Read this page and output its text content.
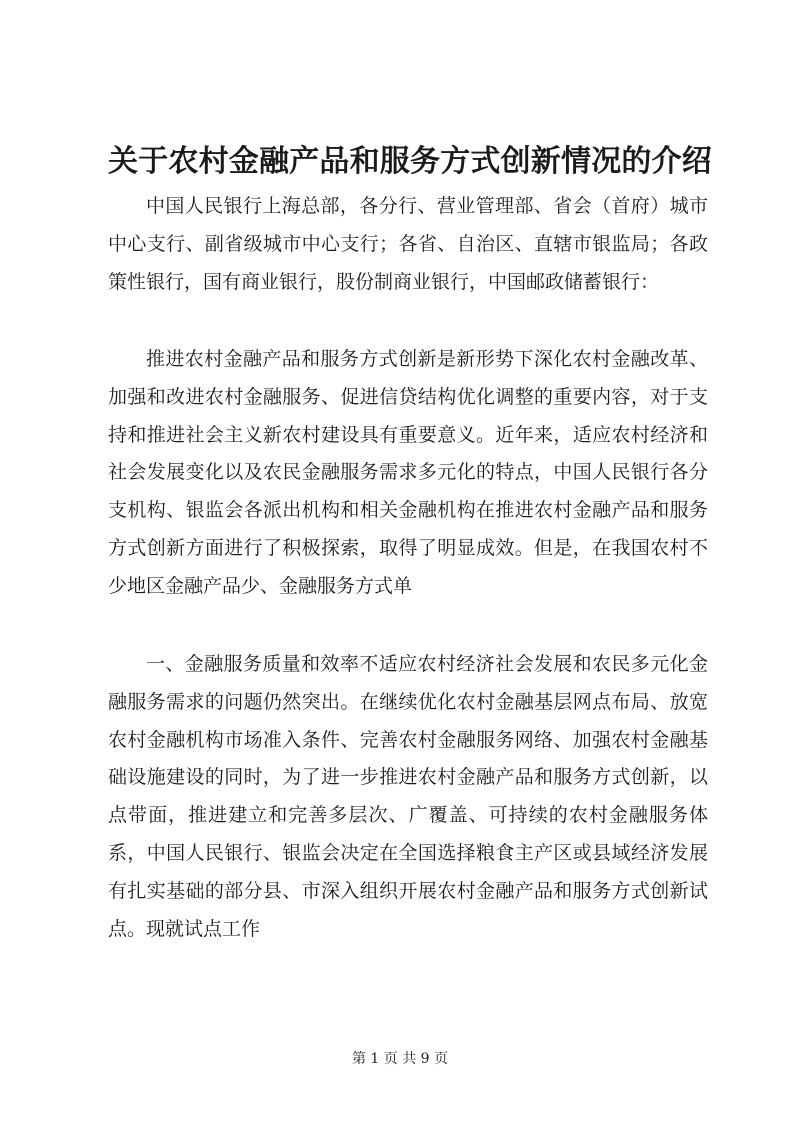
关于农村金融产品和服务方式创新情况的介绍

中国人民银行上海总部，各分行、营业管理部、省会（首府）城市中心支行、副省级城市中心支行；各省、自治区、直辖市银监局；各政策性银行，国有商业银行，股份制商业银行，中国邮政储蓄银行：

推进农村金融产品和服务方式创新是新形势下深化农村金融改革、加强和改进农村金融服务、促进信贷结构优化调整的重要内容，对于支持和推进社会主义新农村建设具有重要意义。近年来，适应农村经济和社会发展变化以及农民金融服务需求多元化的特点，中国人民银行各分支机构、银监会各派出机构和相关金融机构在推进农村金融产品和服务方式创新方面进行了积极探索，取得了明显成效。但是，在我国农村不少地区金融产品少、金融服务方式单

一、金融服务质量和效率不适应农村经济社会发展和农民多元化金融服务需求的问题仍然突出。在继续优化农村金融基层网点布局、放宽农村金融机构市场准入条件、完善农村金融服务网络、加强农村金融基础设施建设的同时，为了进一步推进农村金融产品和服务方式创新，以点带面，推进建立和完善多层次、广覆盖、可持续的农村金融服务体系，中国人民银行、银监会决定在全国选择粮食主产区或县域经济发展有扎实基础的部分县、市深入组织开展农村金融产品和服务方式创新试点。现就试点工作

第 1 页 共 9 页
